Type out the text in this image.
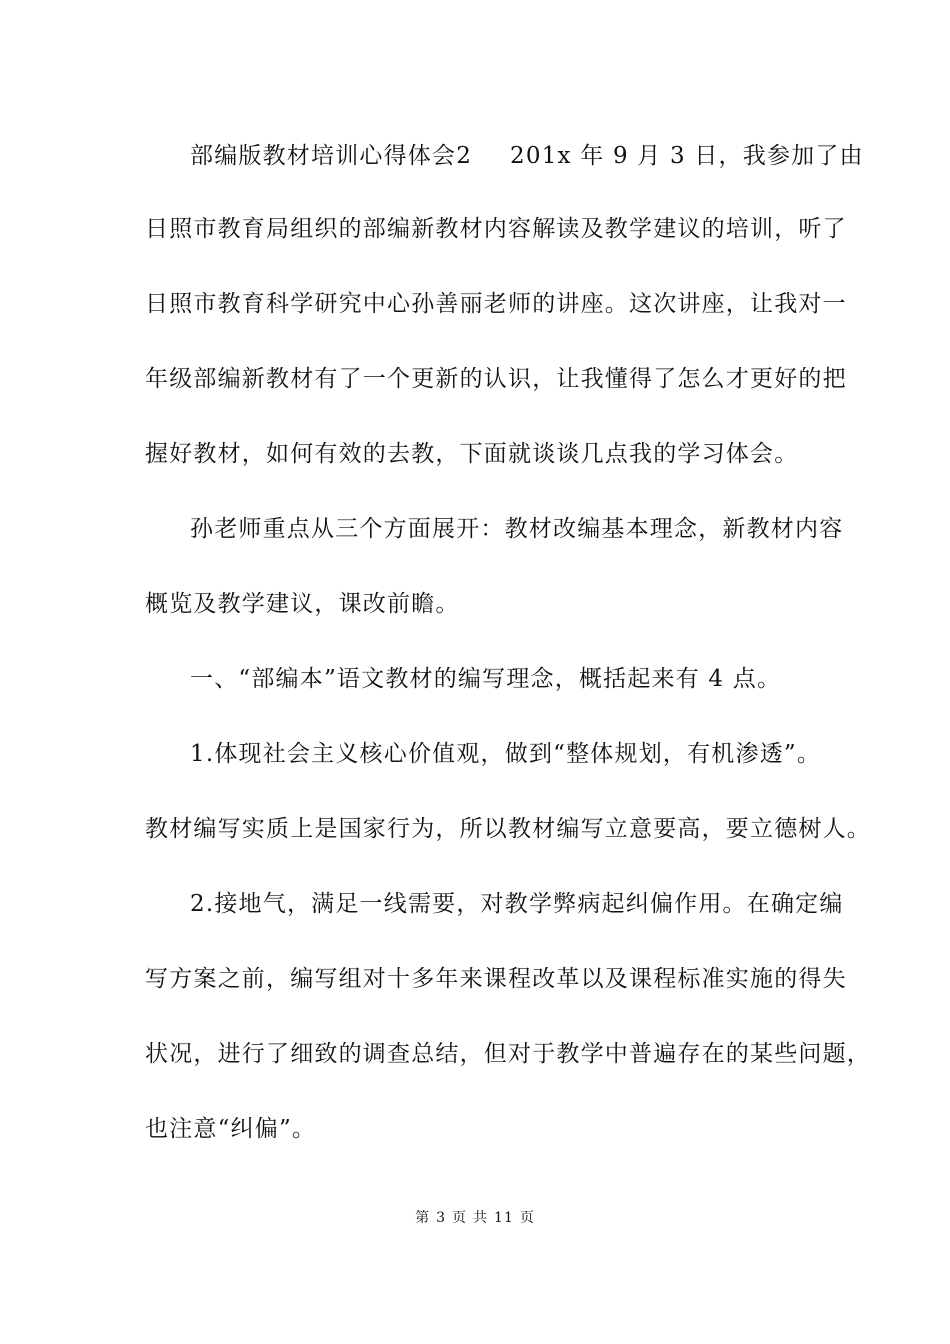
部编版教材培训心得体会2 201x 年 9 月 3 日，我参加了由
日照市教育局组织的部编新教材内容解读及教学建议的培训，听了
日照市教育科学研究中心孙善丽老师的讲座。这次讲座，让我对一
年级部编新教材有了一个更新的认识，让我懂得了怎么才更好的把
握好教材，如何有效的去教，下面就谈谈几点我的学习体会。
孙老师重点从三个方面展开：教材改编基本理念，新教材内容
概览及教学建议，课改前瞻。
一、“部编本”语文教材的编写理念，概括起来有 4 点。
1.体现社会主义核心价值观，做到“整体规划，有机渗透”。
教材编写实质上是国家行为，所以教材编写立意要高，要立德树人。
2.接地气，满足一线需要，对教学弊病起纠偏作用。在确定编
写方案之前，编写组对十多年来课程改革以及课程标准实施的得失
状况，进行了细致的调查总结，但对于教学中普遍存在的某些问题，
也注意“纠偏”。
第 3 页 共 11 页
